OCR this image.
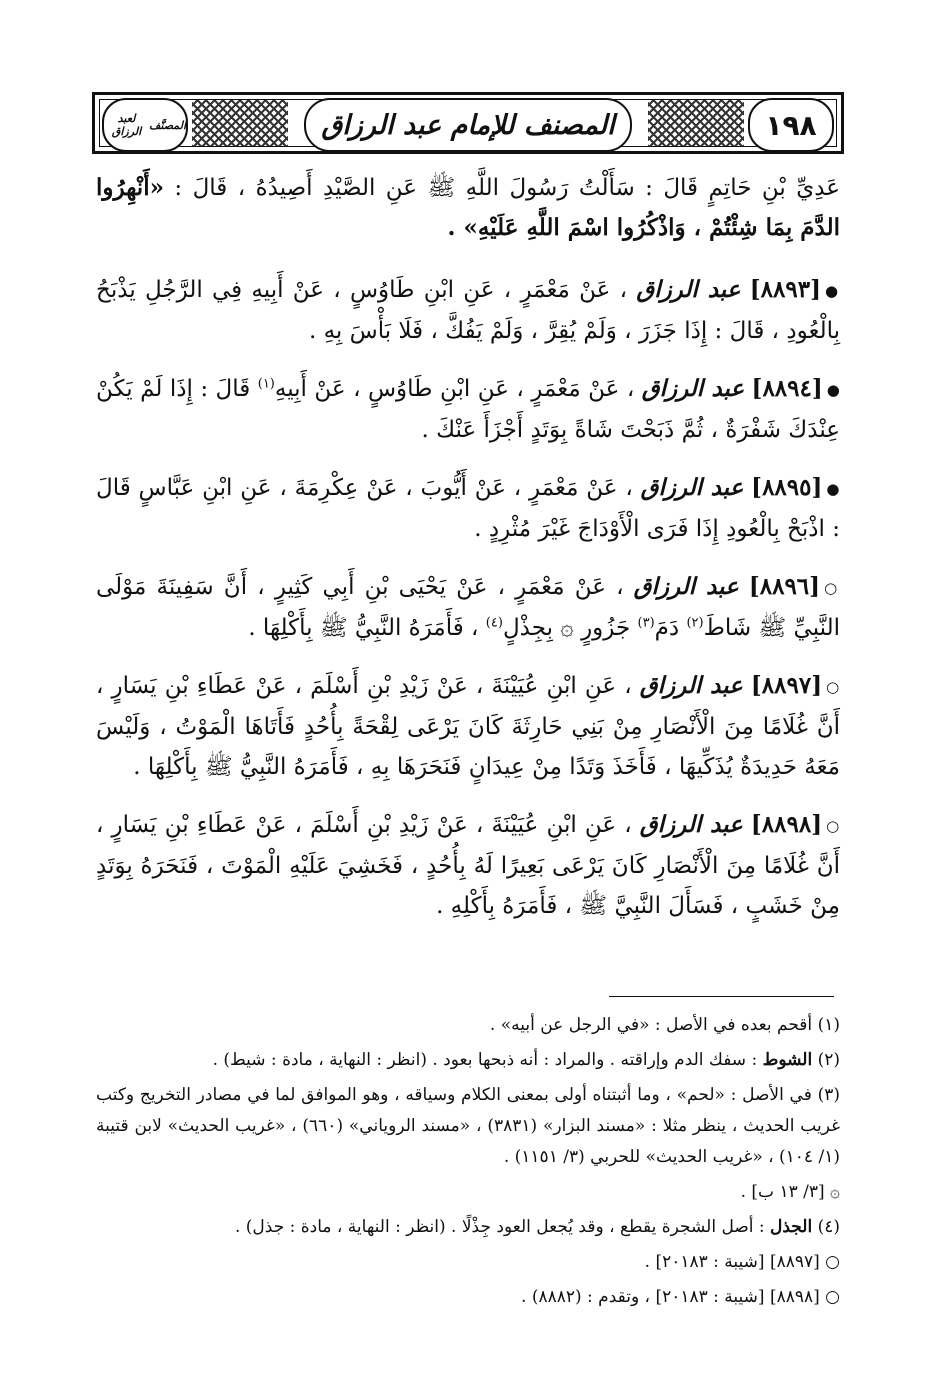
١٩٨
المصنف للإمام عبد الرزاق
المصنَّف
لعبد الرزاق

عَدِيِّ بْنِ حَاتِمٍ قَالَ : سَأَلْتُ رَسُولَ اللَّهِ ﷺ عَنِ الصَّيْدِ أَصِيدُهُ ، قَالَ : «أَنْهِرُوا الدَّمَ بِمَا شِئْتُمْ ، وَاذْكُرُوا اسْمَ اللَّهِ عَلَيْهِ» .

●[٨٨٩٣] عبد الرزاق ، عَنْ مَعْمَرٍ ، عَنِ ابْنِ طَاوُسٍ ، عَنْ أَبِيهِ فِي الرَّجُلِ يَذْبَحُ بِالْعُودِ ، قَالَ : إِذَا جَزَرَ ، وَلَمْ يُقِرَّ ، وَلَمْ يَفُكَّ ، فَلَا بَأْسَ بِهِ .

●[٨٨٩٤] عبد الرزاق ، عَنْ مَعْمَرٍ ، عَنِ ابْنِ طَاوُسٍ ، عَنْ أَبِيهِ$^{(١)}$ قَالَ : إِذَا لَمْ يَكُنْ عِنْدَكَ شَفْرَةٌ ، ثُمَّ ذَبَحْتَ شَاةً بِوَتَدٍ أَجْزَأَ عَنْكَ .

●[٨٨٩٥] عبد الرزاق ، عَنْ مَعْمَرٍ ، عَنْ أَيُّوبَ ، عَنْ عِكْرِمَةَ ، عَنِ ابْنِ عَبَّاسٍ قَالَ : اذْبَحْ بِالْعُودِ إِذَا فَرَى الْأَوْدَاجَ غَيْرَ مُثْرِدٍ .

○[٨٨٩٦] عبد الرزاق ، عَنْ مَعْمَرٍ ، عَنْ يَحْيَى بْنِ أَبِي كَثِيرٍ ، أَنَّ سَفِينَةَ مَوْلَى النَّبِيِّ ﷺ شَاطَ$^{(٢)}$ دَمَ$^{(٣)}$ جَزُورٍ ۞ بِجِذْلٍ$^{(٤)}$ ، فَأَمَرَهُ النَّبِيُّ ﷺ بِأَكْلِهَا .

○[٨٨٩٧] عبد الرزاق ، عَنِ ابْنِ عُيَيْنَةَ ، عَنْ زَيْدِ بْنِ أَسْلَمَ ، عَنْ عَطَاءِ بْنِ يَسَارٍ ، أَنَّ غُلَامًا مِنَ الْأَنْصَارِ مِنْ بَنِي حَارِثَةَ كَانَ يَرْعَى لِقْحَةً بِأُحُدٍ فَأَتَاهَا الْمَوْتُ ، وَلَيْسَ مَعَهُ حَدِيدَةٌ يُذَكِّيهَا ، فَأَخَذَ وَتَدًا مِنْ عِيدَانٍ فَنَحَرَهَا بِهِ ، فَأَمَرَهُ النَّبِيُّ ﷺ بِأَكْلِهَا .

○[٨٨٩٨] عبد الرزاق ، عَنِ ابْنِ عُيَيْنَةَ ، عَنْ زَيْدِ بْنِ أَسْلَمَ ، عَنْ عَطَاءِ بْنِ يَسَارٍ ، أَنَّ غُلَامًا مِنَ الْأَنْصَارِ كَانَ يَرْعَى بَعِيرًا لَهُ بِأُحُدٍ ، فَخَشِيَ عَلَيْهِ الْمَوْتَ ، فَنَحَرَهُ بِوَتَدٍ مِنْ خَشَبٍ ، فَسَأَلَ النَّبِيَّ ﷺ ، فَأَمَرَهُ بِأَكْلِهِ .

(١) أقحم بعده في الأصل : «في الرجل عن أبيه» .

(٢) الشوط : سفك الدم وإراقته . والمراد : أنه ذبحها بعود . (انظر : النهاية ، مادة : شيط) .

(٣) في الأصل : «لحم» ، وما أثبتناه أولى بمعنى الكلام وسياقه ، وهو الموافق لما في مصادر التخريج وكتب غريب الحديث ، ينظر مثلا : «مسند البزار» (٣٨٣١) ، «مسند الروياني» (٦٦٠) ، «غريب الحديث» لابن قتيبة (١/ ١٠٤) ، «غريب الحديث» للحربي (٣/ ١١٥١) .

۞ [٣/ ١٣ ب] .

(٤) الجذل : أصل الشجرة يقطع ، وقد يُجعل العود جِذْلًا . (انظر : النهاية ، مادة : جذل) .

○ [٨٨٩٧] [شيبة : ٢٠١٨٣] .

○ [٨٨٩٨] [شيبة : ٢٠١٨٣] ، وتقدم : (٨٨٨٢) .
